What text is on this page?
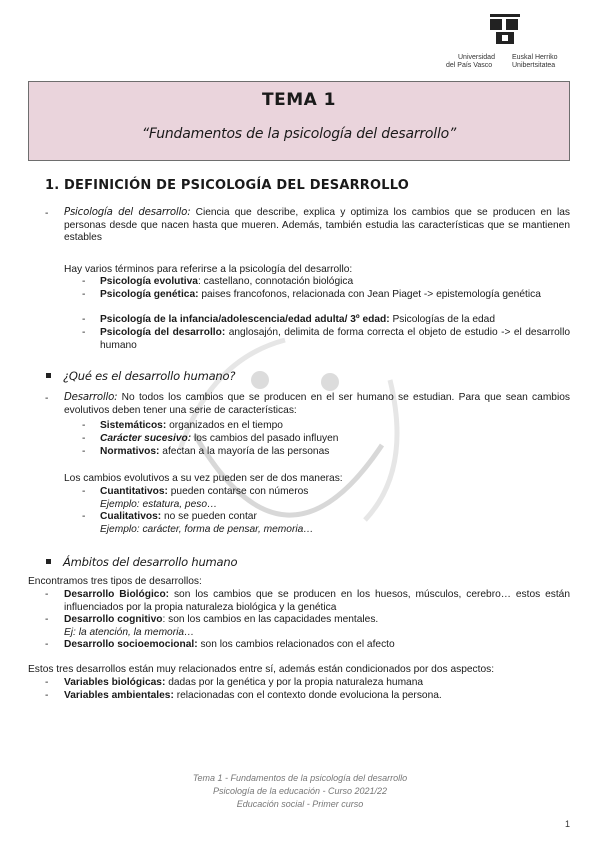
Universidad
del País Vasco
Euskal Herriko
Unibertsitatea
TEMA 1
“Fundamentos de la psicología del desarrollo”
1. DEFINICIÓN DE PSICOLOGÍA DEL DESARROLLO
- Psicología del desarrollo: Ciencia que describe, explica y optimiza los cambios que se producen en las personas desde que nacen hasta que mueren. Además, también estudia las características que se mantienen estables
Hay varios términos para referirse a la psicología del desarrollo:
- Psicología evolutiva: castellano, connotación biológica
- Psicología genética: paises francofonos, relacionada con Jean Piaget -> epistemología genética
- Psicología de la infancia/adolescencia/edad adulta/ 3º edad: Psicologías de la edad
- Psicología del desarrollo: anglosajón, delimita de forma correcta el objeto de estudio -> el desarrollo humano
¿Qué es el desarrollo humano?
- Desarrollo: No todos los cambios que se producen en el ser humano se estudian. Para que sean cambios evolutivos deben tener una serie de características:
- Sistemáticos: organizados en el tiempo
- Carácter sucesivo: los cambios del pasado influyen
- Normativos: afectan a la mayoría de las personas
Los cambios evolutivos a su vez pueden ser de dos maneras:
- Cuantitativos: pueden contarse con números
Ejemplo: estatura, peso…
- Cualitativos: no se pueden contar
Ejemplo: carácter, forma de pensar, memoria…
Ámbitos del desarrollo humano
Encontramos tres tipos de desarrollos:
- Desarrollo Biológico: son los cambios que se producen en los huesos, músculos, cerebro… estos están influenciados por la propia naturaleza biológica y la genética
- Desarrollo cognitivo: son los cambios en las capacidades mentales.
Ej: la atención, la memoria…
- Desarrollo socioemocional: son los cambios relacionados con el afecto
Estos tres desarrollos están muy relacionados entre sí, además están condicionados por dos aspectos:
- Variables biológicas: dadas por la genética y por la propia naturaleza humana
- Variables ambientales: relacionadas con el contexto donde evoluciona la persona.
Tema 1 - Fundamentos de la psicología del desarrollo
Psicología de la educación - Curso 2021/22
Educación social - Primer curso
1
